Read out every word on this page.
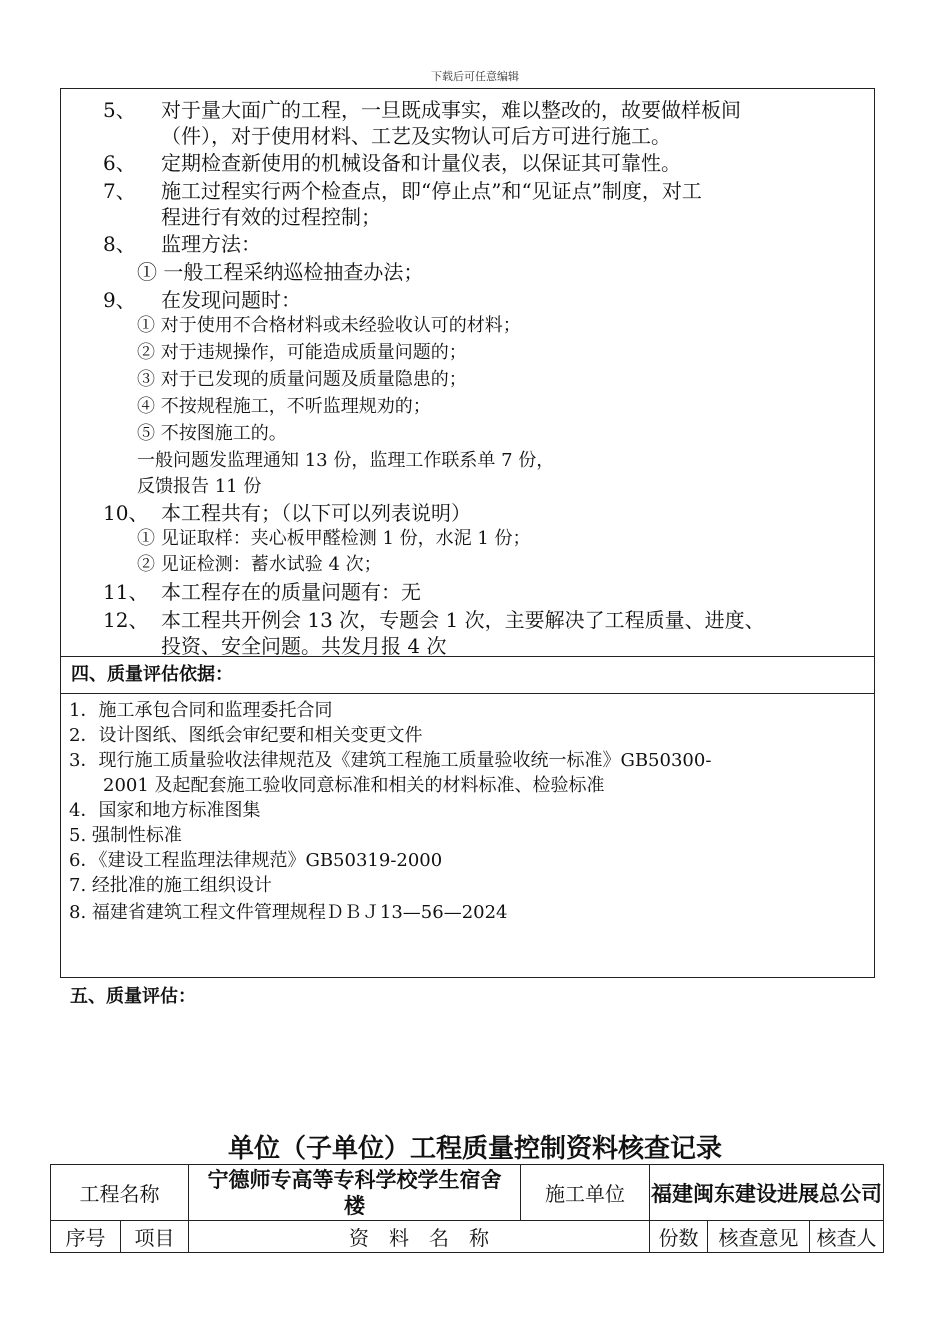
下载后可任意编辑
5、 对于量大面广的工程，一旦既成事实，难以整改的，故要做样板间
（件），对于使用材料、工艺及实物认可后方可进行施工。
6、 定期检查新使用的机械设备和计量仪表，以保证其可靠性。
7、 施工过程实行两个检查点，即“停止点”和“见证点”制度，对工
程进行有效的过程控制；
8、 监理方法：
① 一般工程采纳巡检抽查办法；
9、 在发现问题时：
① 对于使用不合格材料或未经验收认可的材料；
② 对于违规操作，可能造成质量问题的；
③ 对于已发现的质量问题及质量隐患的；
④ 不按规程施工，不听监理规劝的；
⑤ 不按图施工的。
一般问题发监理通知 13 份，监理工作联系单 7 份，
反馈报告 11 份
10、 本工程共有；（以下可以列表说明）
① 见证取样：夹心板甲醛检测 1 份，水泥 1 份；
② 见证检测：蓄水试验 4 次；
11、 本工程存在的质量问题有：无
12、 本工程共开例会 13 次，专题会 1 次，主要解决了工程质量、进度、
投资、安全问题。共发月报 4 次
四、质量评估依据：
1．施工承包合同和监理委托合同
2．设计图纸、图纸会审纪要和相关变更文件
3．现行施工质量验收法律规范及《建筑工程施工质量验收统一标准》GB50300-
2001 及起配套施工验收同意标准和相关的材料标准、检验标准
4．国家和地方标准图集
5. 强制性标准
6．《建设工程监理法律规范》GB50319-2000
7. 经批准的施工组织设计
8. 福建省建筑工程文件管理规程ＤＢＪ13—56—2024
五、质量评估：
单位（子单位）工程质量控制资料核查记录
工程名称		宁德师专高等专科学校学生宿舍楼	施工单位	福建闽东建设进展总公司		
序号	项目	资　料　名　称		份数	核查意见	核查人
